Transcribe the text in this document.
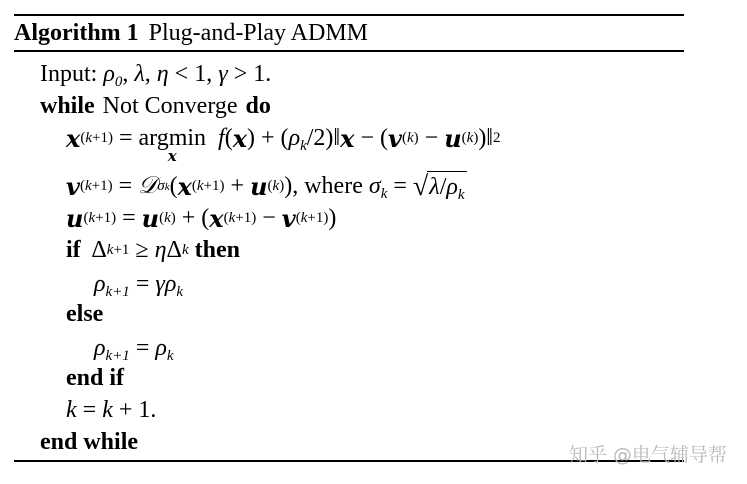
Algorithm 1 Plug-and-Play ADMM
Input:
$\rho_0$ , λ , η < 1, γ > 1.
while Not Converge do
x (k+1) = argmin
x

f ( x ) + ( $\rho_k$ /2)‖ x − ( v (k) − u (k) )‖ 2
v (k+1) = 𝒟 σk ( x (k+1) + u (k) ), where
$\sigma_k$ = √ $\lambda/\rho_k$
u (k+1) = u (k) + ( x (k+1) − v (k+1) )
if Δ k+1 ≥ η Δ k
then
$\rho_{k+1} = \gamma\rho_k$
else
$\rho_{k+1} = \rho_k$
end if
k = k + 1.
end while
知乎 @电气辅导帮
